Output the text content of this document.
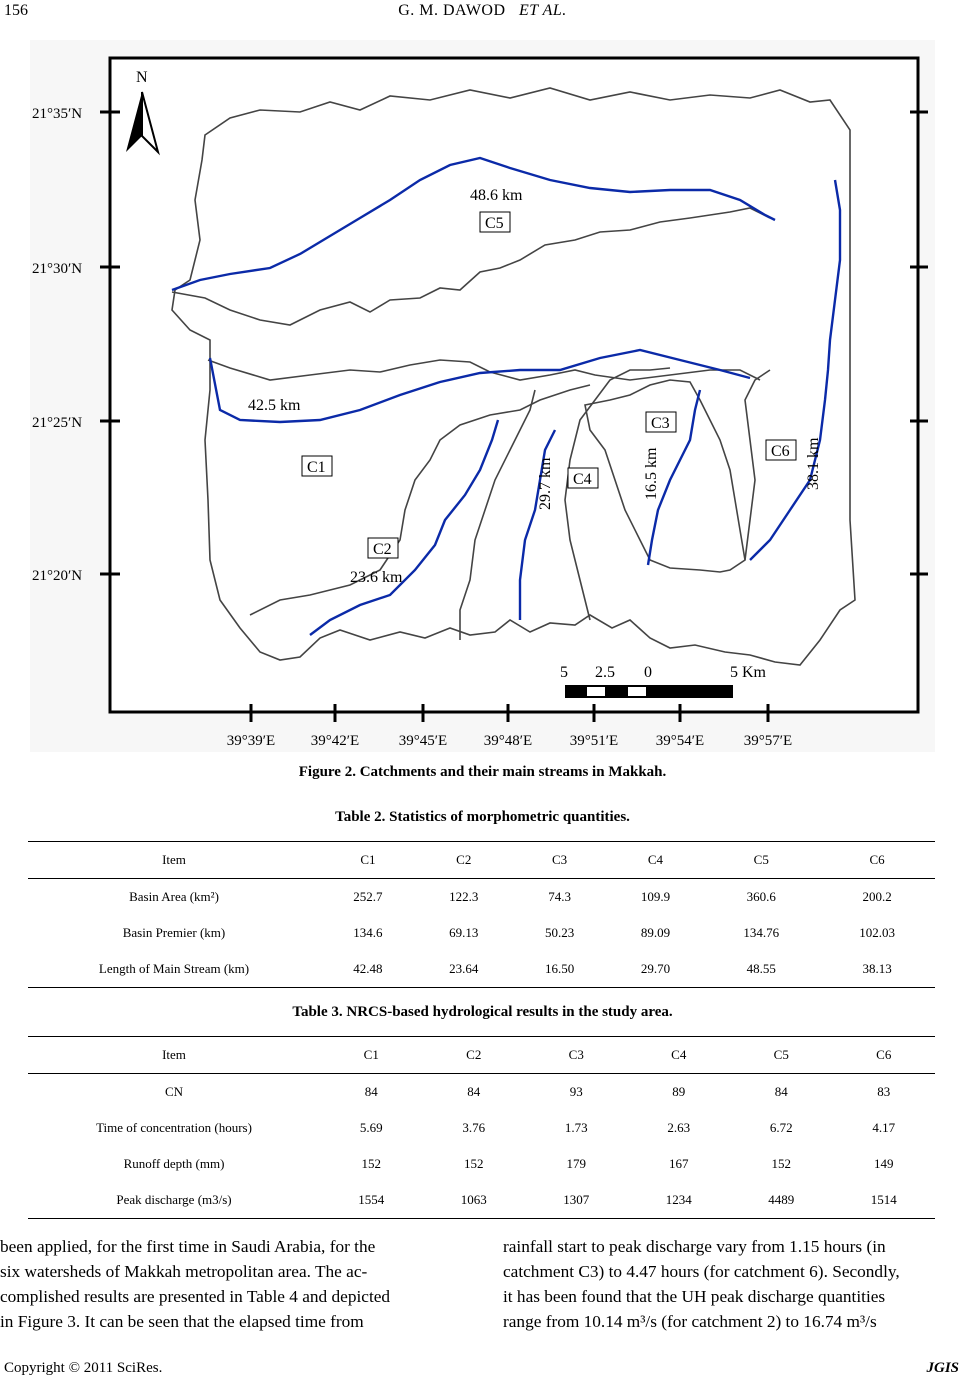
156	G. M. DAWOD ET AL.
N
C5
C1
C2
C4
C3
C6
48.6 km
42.5 km
23.6 km
29.7 km	16.5 km	38.1 km
5 2.5 0	5 Km
21°35′N
21°30′N
21°25′N
21°20′N
39°39′E 39°42′E	39°45′E 39°48′E	39°51′E	39°54′E	39°57′E
Figure 2. Catchments and their main streams in Makkah.
Table 2. Statistics of morphometric quantities.
Item	C1	C2	C3	C4	C5	C6
Basin Area (km²)	252.7	122.3	74.3	109.9	360.6	200.2
Basin Premier (km)	134.6	69.13	50.23	89.09	134.76	102.03
Length of Main Stream (km)	42.48	23.64	16.50	29.70	48.55	38.13
Table 3. NRCS-based hydrological results in the study area.
Item	C1	C2	C3	C4	C5	C6
CN	84	84	93	89	84	83
Time of concentration (hours)	5.69	3.76	1.73	2.63	6.72	4.17
Runoff depth (mm)	152	152	179	167	152	149
Peak discharge (m3/s)	1554	1063	1307	1234	4489	1514
been applied, for the first time in Saudi Arabia, for the
six watersheds of Makkah metropolitan area. The ac-
complished results are presented in Table 4 and depicted
in Figure 3. It can be seen that the elapsed time from
rainfall start to peak discharge vary from 1.15 hours (in
catchment C3) to 4.47 hours (for catchment 6). Secondly,
it has been found that the UH peak discharge quantities
range from 10.14 m³/s (for catchment 2) to 16.74 m³/s
Copyright © 2011 SciRes.	JGIS
